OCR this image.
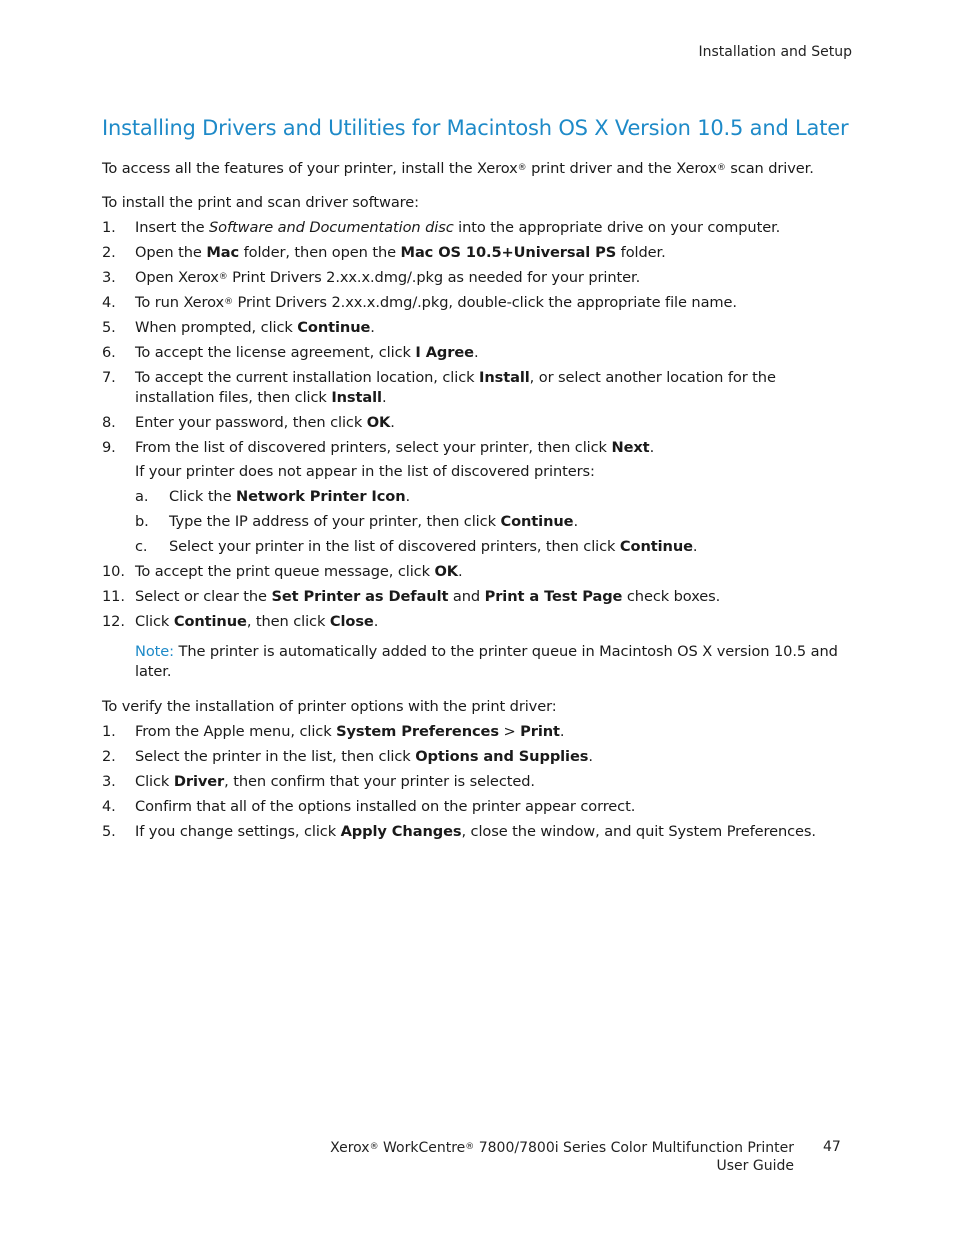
Installation and Setup
Installing Drivers and Utilities for Macintosh OS X Version 10.5 and Later

To access all the features of your printer, install the Xerox® print driver and the Xerox® scan driver.

To install the print and scan driver software:

1. Insert the Software and Documentation disc into the appropriate drive on your computer.
2. Open the Mac folder, then open the Mac OS 10.5+Universal PS folder.
3. Open Xerox® Print Drivers 2.xx.x.dmg/.pkg as needed for your printer.
4. To run Xerox® Print Drivers 2.xx.x.dmg/.pkg, double-click the appropriate file name.
5. When prompted, click Continue.
6. To accept the license agreement, click I Agree.
7. To accept the current installation location, click Install, or select another location for the installation files, then click Install.
8. Enter your password, then click OK.
9. From the list of discovered printers, select your printer, then click Next.
If your printer does not appear in the list of discovered printers:
a. Click the Network Printer Icon.
b. Type the IP address of your printer, then click Continue.
c. Select your printer in the list of discovered printers, then click Continue.
10. To accept the print queue message, click OK.
11. Select or clear the Set Printer as Default and Print a Test Page check boxes.
12. Click Continue, then click Close.

Note: The printer is automatically added to the printer queue in Macintosh OS X version 10.5 and later.

To verify the installation of printer options with the print driver:

1. From the Apple menu, click System Preferences > Print.
2. Select the printer in the list, then click Options and Supplies.
3. Click Driver, then confirm that your printer is selected.
4. Confirm that all of the options installed on the printer appear correct.
5. If you change settings, click Apply Changes, close the window, and quit System Preferences.
Xerox® WorkCentre® 7800/7800i Series Color Multifunction Printer
User Guide
47
